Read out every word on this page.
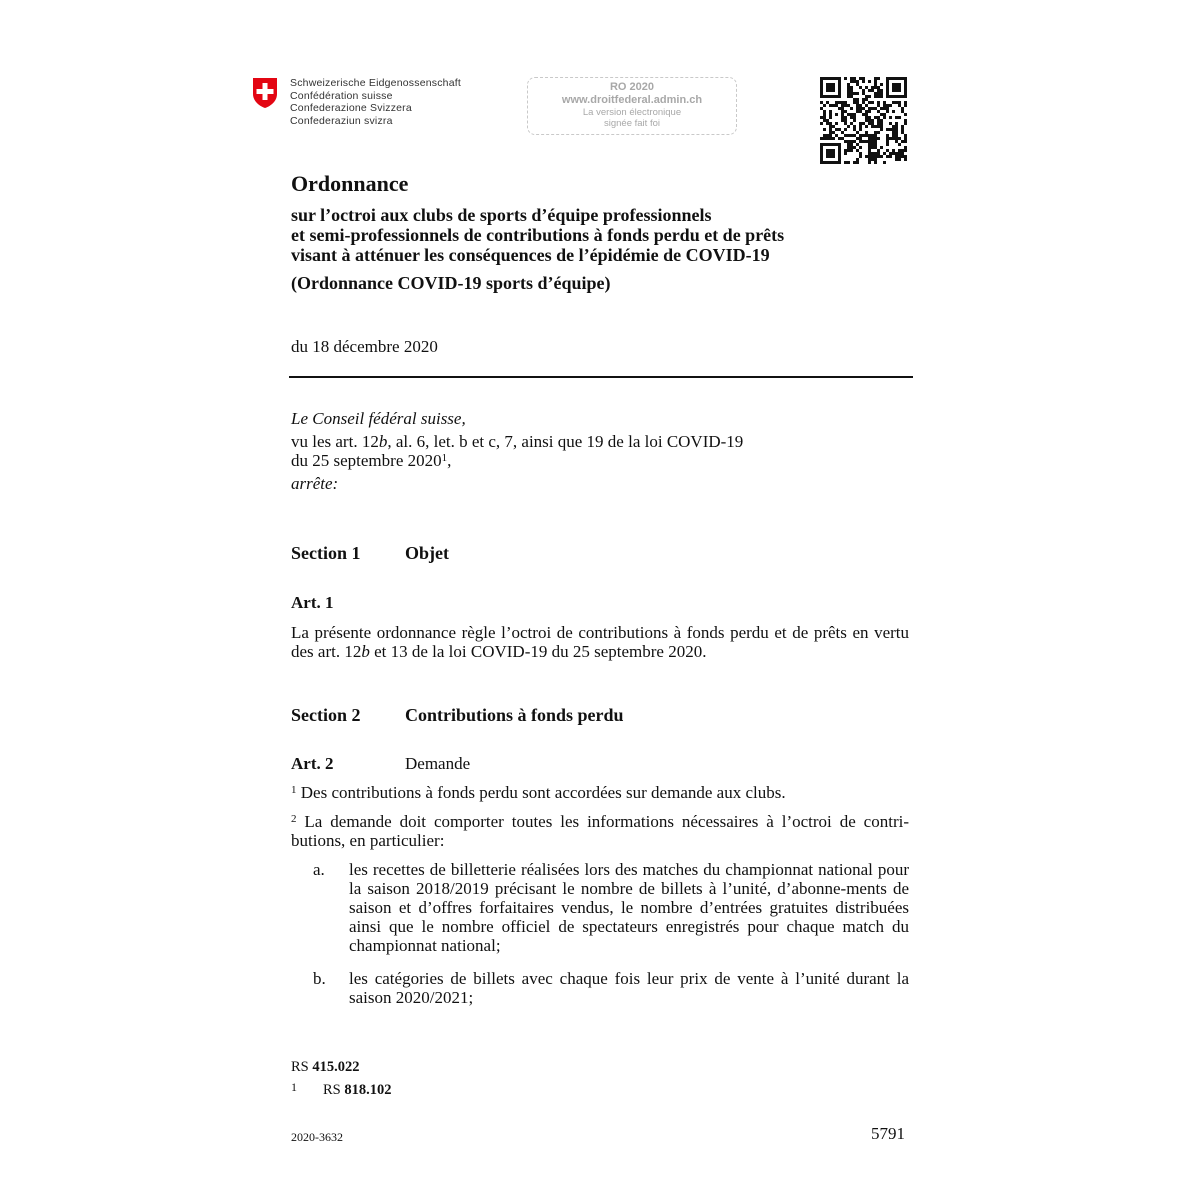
Schweizerische Eidgenossenschaft
Confédération suisse
Confederazione Svizzera
Confederaziun svizra
RO 2020
www.droitfederal.admin.ch
La version électronique
signée fait foi
Ordonnance
sur l’octroi aux clubs de sports d’équipe professionnels
et semi-professionnels de contributions à fonds perdu et de prêts
visant à atténuer les conséquences de l’épidémie de COVID-19
(Ordonnance COVID-19 sports d’équipe)
du 18 décembre 2020
Le Conseil fédéral suisse,
vu les art. 12b, al. 6, let. b et c, 7, ainsi que 19 de la loi COVID-19
du 25 septembre 2020$^1$,
arrête:
Section 1 Objet
Art. 1
La présente ordonnance règle l’octroi de contributions à fonds perdu et de prêts en vertu des art. 12b et 13 de la loi COVID-19 du 25 septembre 2020.
Section 2 Contributions à fonds perdu
Art. 2	Demande
$^1$ Des contributions à fonds perdu sont accordées sur demande aux clubs.
$^2$ La demande doit comporter toutes les informations nécessaires à l’octroi de contri-butions, en particulier:
a. les recettes de billetterie réalisées lors des matches du championnat national pour la saison 2018/2019 précisant le nombre de billets à l’unité, d’abonne-ments de saison et d’offres forfaitaires vendus, le nombre d’entrées gratuites distribuées ainsi que le nombre officiel de spectateurs enregistrés pour chaque match du championnat national;
b. les catégories de billets avec chaque fois leur prix de vente à l’unité durant la saison 2020/2021;
RS 415.022
1 RS 818.102
2020-3632	5791
